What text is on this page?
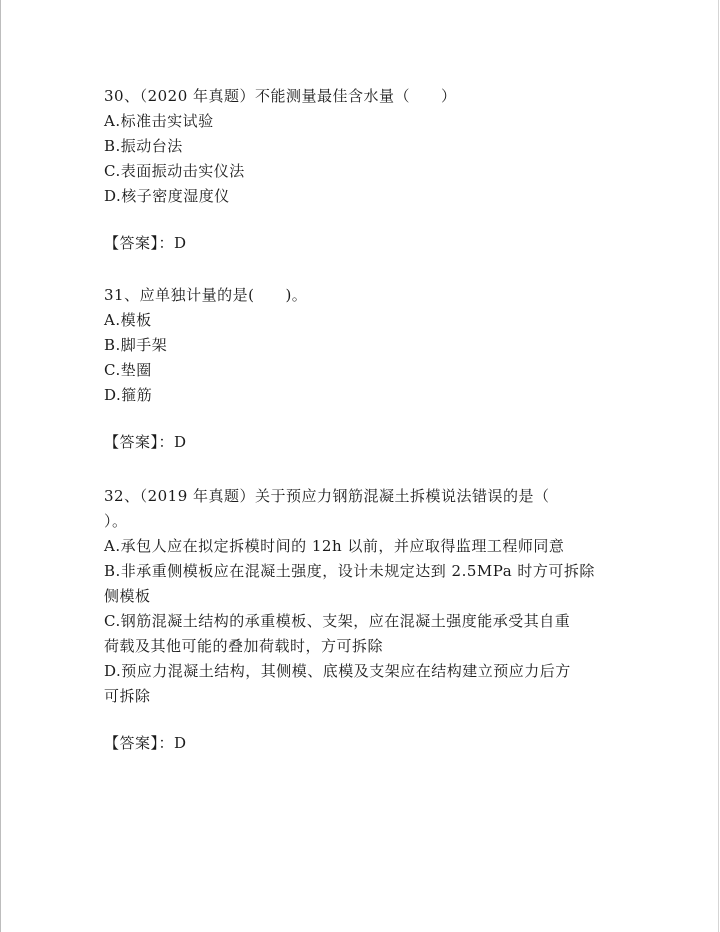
30、（2020 年真题）不能测量最佳含水量（　　）

A.标准击实试验

B.振动台法

C.表面振动击实仪法

D.核子密度湿度仪

【答案】：D

31、应单独计量的是(　　)。

A.模板

B.脚手架

C.垫圈

D.箍筋

【答案】：D

32、（2019 年真题）关于预应力钢筋混凝土拆模说法错误的是（
）。

A.承包人应在拟定拆模时间的 12h 以前，并应取得监理工程师同意

B.非承重侧模板应在混凝土强度，设计未规定达到 2.5MPa 时方可拆除
侧模板

C.钢筋混凝土结构的承重模板、支架，应在混凝土强度能承受其自重
荷载及其他可能的叠加荷载时，方可拆除

D.预应力混凝土结构，其侧模、底模及支架应在结构建立预应力后方
可拆除

【答案】：D
